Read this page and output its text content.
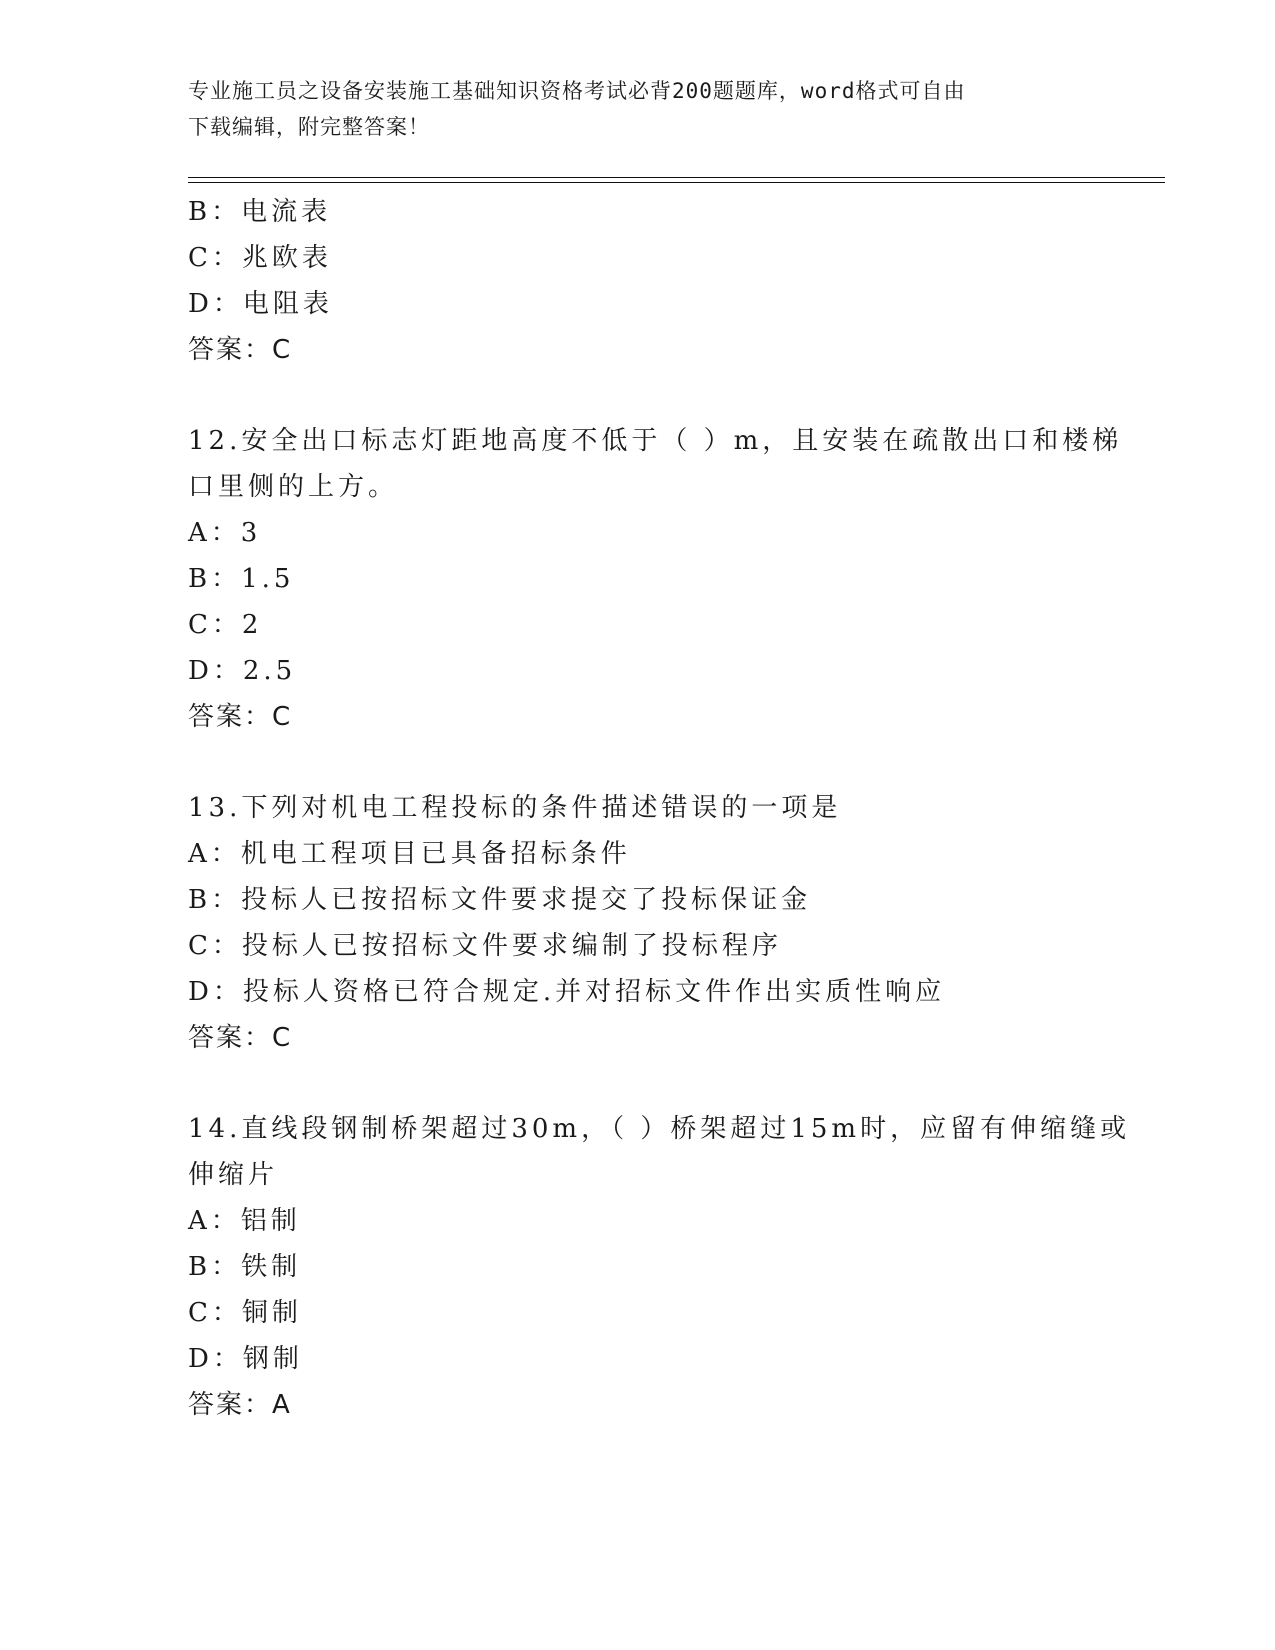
专业施工员之设备安装施工基础知识资格考试必背200题题库，word格式可自由
下载编辑，附完整答案！
B：电流表
C：兆欧表
D：电阻表
答案：C
12.安全出口标志灯距地高度不低于（ ）m，且安装在疏散出口和楼梯
口里侧的上方。
A：3
B：1.5
C：2
D：2.5
答案：C
13.下列对机电工程投标的条件描述错误的一项是
A：机电工程项目已具备招标条件
B：投标人已按招标文件要求提交了投标保证金
C：投标人已按招标文件要求编制了投标程序
D：投标人资格已符合规定.并对招标文件作出实质性响应
答案：C
14.直线段钢制桥架超过30m，（ ）桥架超过15m时，应留有伸缩缝或
伸缩片
A：铝制
B：铁制
C：铜制
D：钢制
答案：A
